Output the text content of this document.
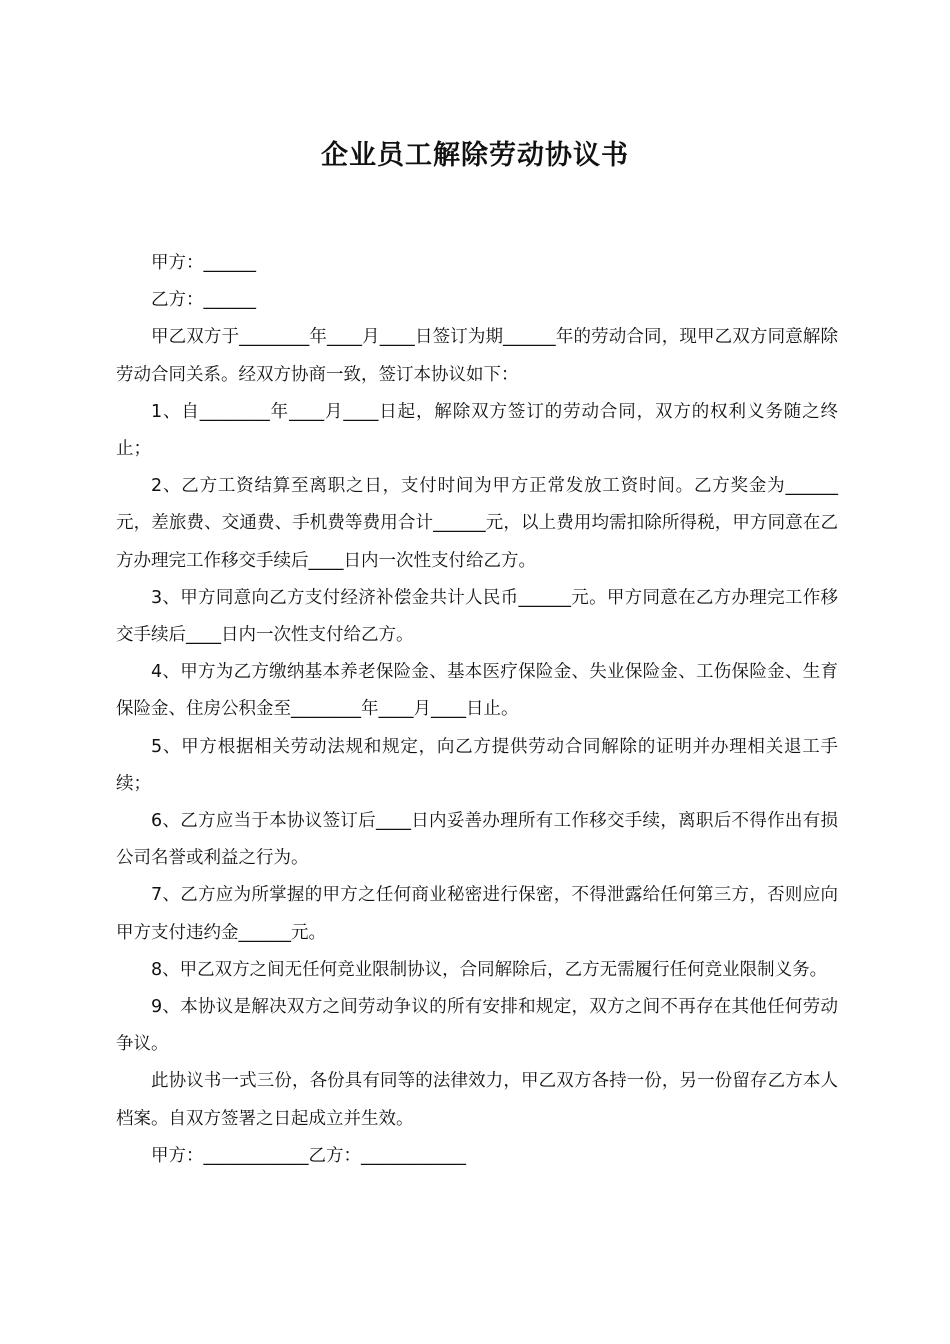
企业员工解除劳动协议书

甲方：______

乙方：______

甲乙双方于________年____月____日签订为期______年的劳动合同，现甲乙双方同意解除劳动合同关系。经双方协商一致，签订本协议如下：

1、自________年____月____日起，解除双方签订的劳动合同，双方的权利义务随之终止；

2、乙方工资结算至离职之日，支付时间为甲方正常发放工资时间。乙方奖金为______元，差旅费、交通费、手机费等费用合计______元，以上费用均需扣除所得税，甲方同意在乙方办理完工作移交手续后____日内一次性支付给乙方。

3、甲方同意向乙方支付经济补偿金共计人民币______元。甲方同意在乙方办理完工作移交手续后____日内一次性支付给乙方。

4、甲方为乙方缴纳基本养老保险金、基本医疗保险金、失业保险金、工伤保险金、生育保险金、住房公积金至________年____月____日止。

5、甲方根据相关劳动法规和规定，向乙方提供劳动合同解除的证明并办理相关退工手续；

6、乙方应当于本协议签订后____日内妥善办理所有工作移交手续，离职后不得作出有损公司名誉或利益之行为。

7、乙方应为所掌握的甲方之任何商业秘密进行保密，不得泄露给任何第三方，否则应向甲方支付违约金______元。

8、甲乙双方之间无任何竞业限制协议，合同解除后，乙方无需履行任何竞业限制义务。

9、本协议是解决双方之间劳动争议的所有安排和规定，双方之间不再存在其他任何劳动争议。

此协议书一式三份，各份具有同等的法律效力，甲乙双方各持一份，另一份留存乙方本人档案。自双方签署之日起成立并生效。

甲方：____________乙方：____________
